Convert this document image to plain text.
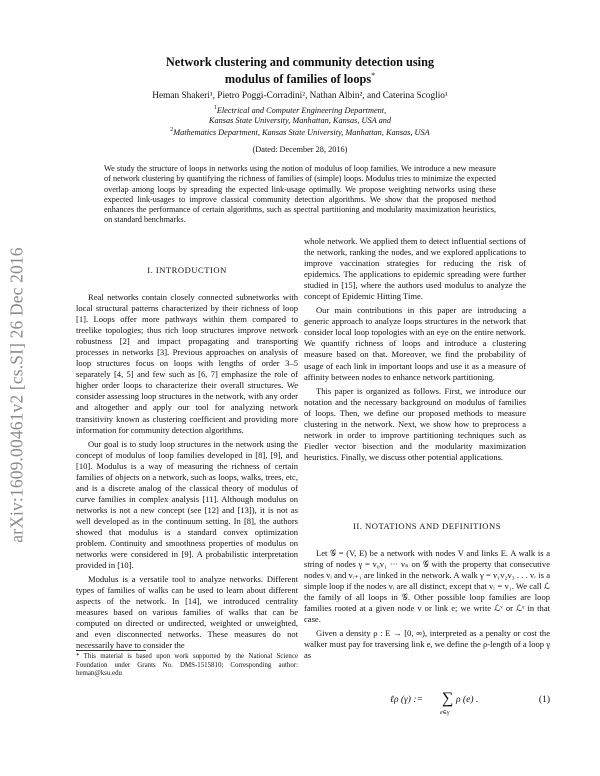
arXiv:1609.00461v2 [cs.SI] 26 Dec 2016
Network clustering and community detection using
modulus of families of loops*
Heman Shakeri¹, Pietro Poggi-Corradini², Nathan Albin², and Caterina Scoglio¹
$^1$Electrical and Computer Engineering Department,
Kansas State University, Manhattan, Kansas, USA and
$^2$Mathematics Department, Kansas State University, Manhattan, Kansas, USA
(Dated: December 28, 2016)
We study the structure of loops in networks using the notion of modulus of loop families. We introduce a new measure of network clustering by quantifying the richness of families of (simple) loops. Modulus tries to minimize the expected overlap among loops by spreading the expected link-usage optimally. We propose weighting networks using these expected link-usages to improve classical community detection algorithms. We show that the proposed method enhances the performance of certain algorithms, such as spectral partitioning and modularity maximization heuristics, on standard benchmarks.
I. INTRODUCTION

Real networks contain closely connected subnetworks with local structural patterns characterized by their richness of loop [1]. Loops offer more pathways within them compared to treelike topologies; thus rich loop structures improve network robustness [2] and impact propagating and transporting processes in networks [3]. Previous approaches on analysis of loop structures focus on loops with lengths of order 3–5 separately [4, 5] and few such as [6, 7] emphasize the role of higher order loops to characterize their overall structures. We consider assessing loop structures in the network, with any order and altogether and apply our tool for analyzing network transitivity known as clustering coefficient and providing more information for community detection algorithms.

Our goal is to study loop structures in the network using the concept of modulus of loop families developed in [8], [9], and [10]. Modulus is a way of measuring the richness of certain families of objects on a network, such as loops, walks, trees, etc, and is a discrete analog of the classical theory of modulus of curve families in complex analysis [11]. Although modulus on networks is not a new concept (see [12] and [13]), it is not as well developed as in the continuum setting. In [8], the authors showed that modulus is a standard convex optimization problem. Continuity and smoothness properties of modulus on networks were considered in [9]. A probabilistic interpretation provided in [10].

Modulus is a versatile tool to analyze networks. Different types of families of walks can be used to learn about different aspects of the network. In [14], we introduced centrality measures based on various families of walks that can be computed on directed or undirected, weighted or unweighted, and even disconnected networks. These measures do not necessarily have to consider the

* This material is based upon work supported by the National Science Foundation under Grants No. DMS-1515810; Corresponding author: heman@ksu.edu

whole network. We applied them to detect influential sections of the network, ranking the nodes, and we explored applications to improve vaccination strategies for reducing the risk of epidemics. The applications to epidemic spreading were further studied in [15], where the authors used modulus to analyze the concept of Epidemic Hitting Time.

Our main contributions in this paper are introducing a generic approach to analyze loops structures in the network that consider local loop topologies with an eye on the entire network. We quantify richness of loops and introduce a clustering measure based on that. Moreover, we find the probability of usage of each link in important loops and use it as a measure of affinity between nodes to enhance network partitioning.

This paper is organized as follows. First, we introduce our notation and the necessary background on modulus of families of loops. Then, we define our proposed methods to measure clustering in the network. Next, we show how to preprocess a network in order to improve partitioning techniques such as Fiedler vector bisection and the modularity maximization heuristics. Finally, we discuss other potential applications.

II. NOTATIONS AND DEFINITIONS

Let 𝒢 = (V, E) be a network with nodes V and links E. A walk is a string of nodes γ = v₀v₁ ··· vₙ on 𝒢 with the property that consecutive nodes vᵢ and vᵢ₊₁ are linked in the network. A walk γ = v₁v₂v₃ . . . vᵣ is a simple loop if the nodes vᵢ are all distinct, except that vᵣ = v₁. We call ℒ the family of all loops in 𝒢. Other possible loop families are loop families rooted at a given node v or link e; we write ℒᵛ or ℒᵉ in that case.

Given a density ρ : E → [0, ∞), interpreted as a penalty or cost the walker must pay for traversing link e, we define the ρ-length of a loop γ as

ℓρ (γ) := ∑
e∈γ
ρ (e) .	(1)
